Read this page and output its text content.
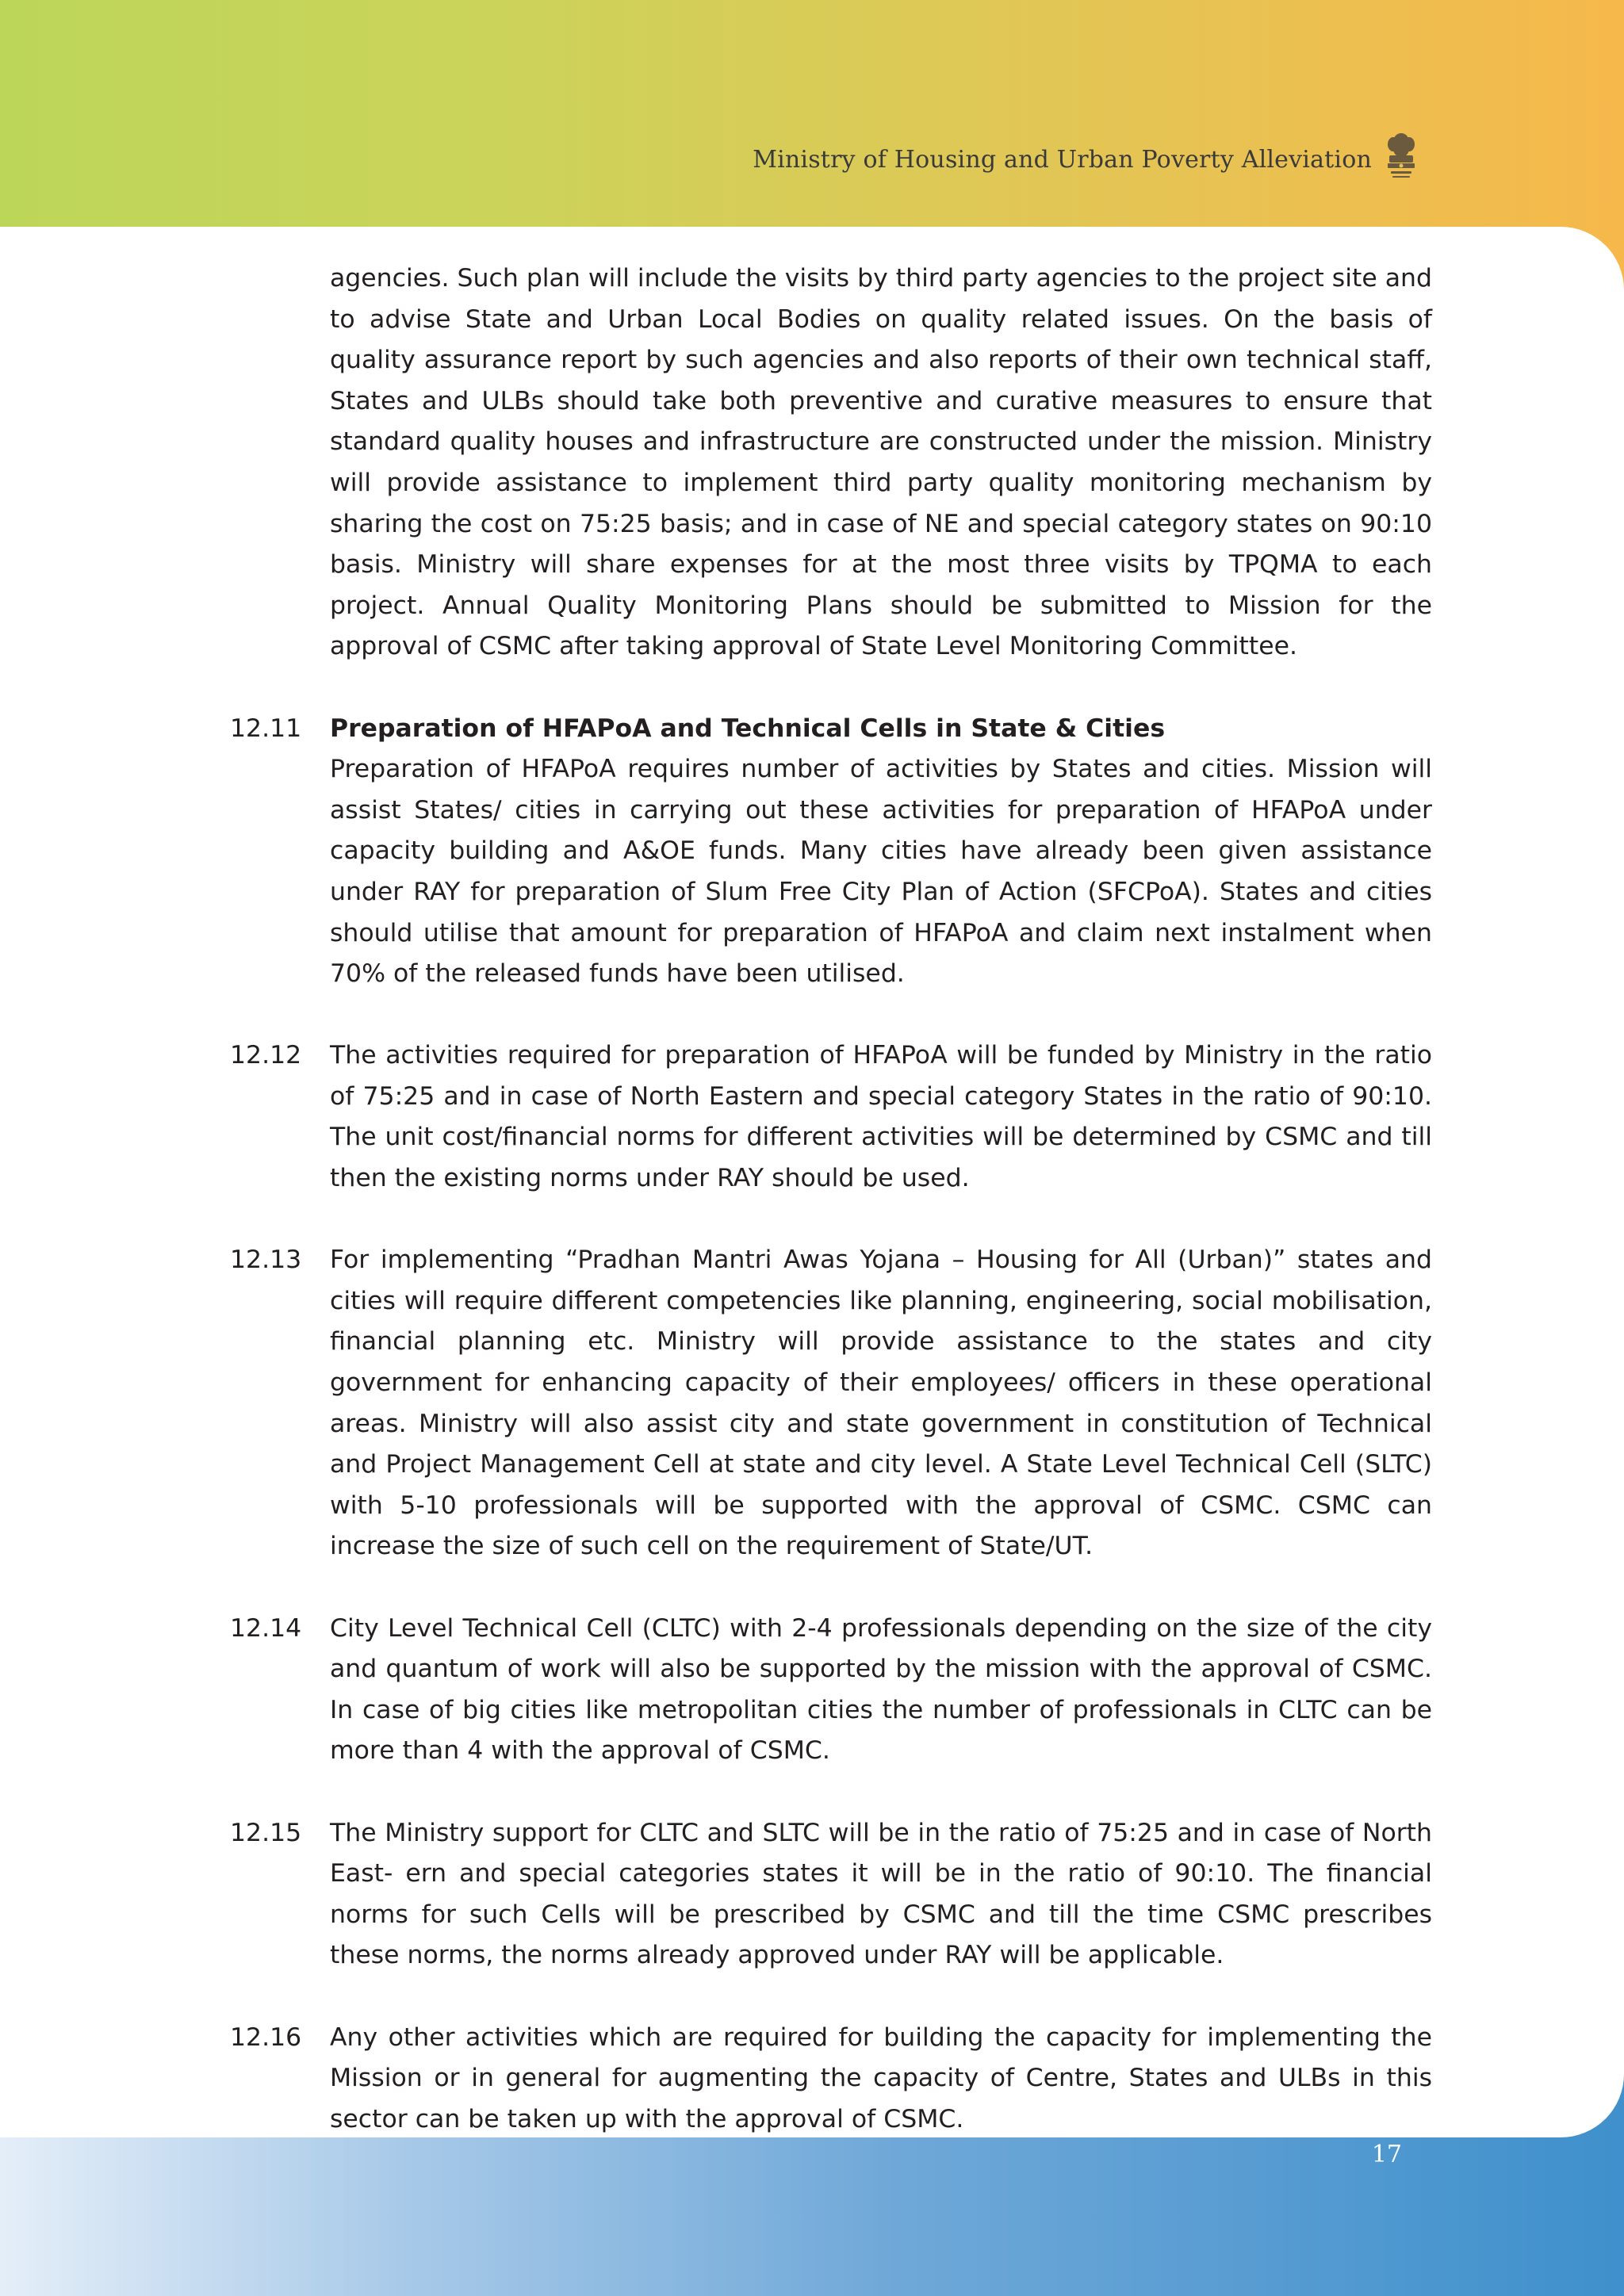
Ministry of Housing and Urban Poverty Alleviation

agencies. Such plan will include the visits by third party agencies to the project site and to advise State and Urban Local Bodies on quality related issues. On the basis of quality assurance report by such agencies and also reports of their own technical staff, States and ULBs should take both preventive and curative measures to ensure that standard quality houses and infrastructure are constructed under the mission. Ministry will provide assistance to implement third party quality monitoring mechanism by sharing the cost on 75:25 basis; and in case of NE and special category states on 90:10 basis. Ministry will share expenses for at the most three visits by TPQMA to each project. Annual Quality Monitoring Plans should be submitted to Mission for the approval of CSMC after taking approval of State Level Monitoring Committee.

12.11	Preparation of HFAPoA and Technical Cells in State & Cities

Preparation of HFAPoA requires number of activities by States and cities. Mission will assist States/ cities in carrying out these activities for preparation of HFAPoA under capacity building and A&OE funds. Many cities have already been given assistance under RAY for preparation of Slum Free City Plan of Action (SFCPoA). States and cities should utilise that amount for preparation of HFAPoA and claim next instalment when 70% of the released funds have been utilised.

12.12	The activities required for preparation of HFAPoA will be funded by Ministry in the ratio of 75:25 and in case of North Eastern and special category States in the ratio of 90:10. The unit cost/financial norms for different activities will be determined by CSMC and till then the existing norms under RAY should be used.

12.13	For implementing “Pradhan Mantri Awas Yojana – Housing for All (Urban)” states and cities will require different competencies like planning, engineering, social mobilisation, financial planning etc. Ministry will provide assistance to the states and city government for enhancing capacity of their employees/ officers in these operational areas. Ministry will also assist city and state government in constitution of Technical and Project Management Cell at state and city level. A State Level Technical Cell (SLTC) with 5-10 professionals will be supported with the approval of CSMC. CSMC can increase the size of such cell on the requirement of State/UT.

12.14	City Level Technical Cell (CLTC) with 2-4 professionals depending on the size of the city and quantum of work will also be supported by the mission with the approval of CSMC. In case of big cities like metropolitan cities the number of professionals in CLTC can be more than 4 with the approval of CSMC.

12.15	The Ministry support for CLTC and SLTC will be in the ratio of 75:25 and in case of North East- ern and special categories states it will be in the ratio of 90:10. The financial norms for such Cells will be prescribed by CSMC and till the time CSMC prescribes these norms, the norms already approved under RAY will be applicable.

12.16	Any other activities which are required for building the capacity for implementing the Mission or in general for augmenting the capacity of Centre, States and ULBs in this sector can be taken up with the approval of CSMC.

17
